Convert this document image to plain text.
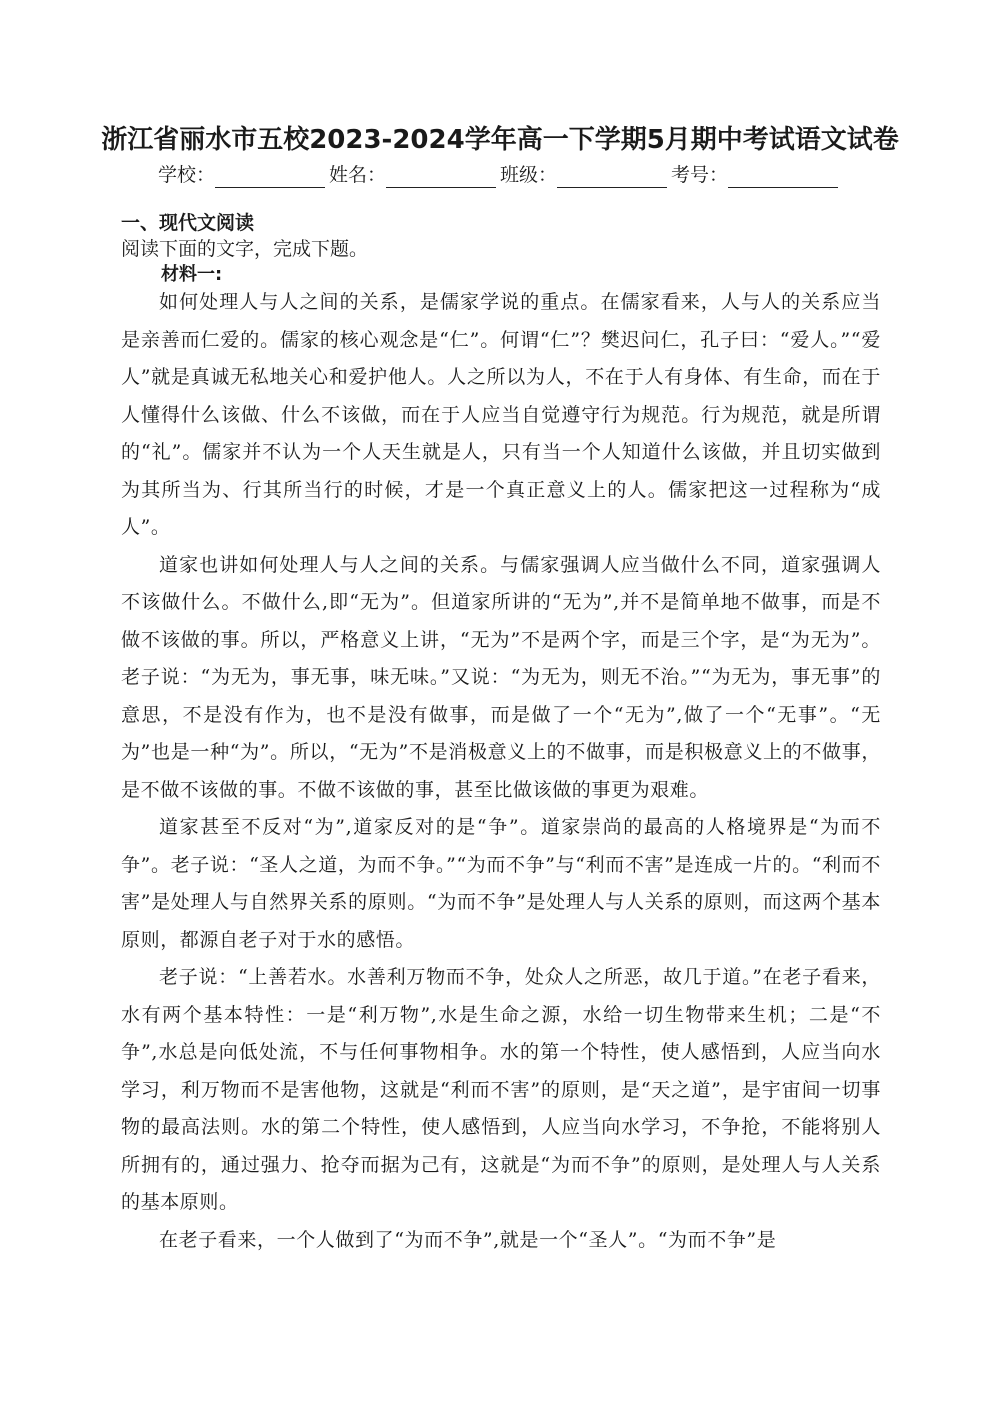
浙江省丽水市五校2023-2024学年高一下学期5月期中考试语文试卷
学校：	姓名：	班级：	考号：
一、现代文阅读
阅读下面的文字，完成下题。
材料一:

如何处理人与人之间的关系，是儒家学说的重点。在儒家看来，人与人的关系应当是亲善而仁爱的。儒家的核心观念是“仁”。何谓“仁”？樊迟问仁，孔子曰：“爱人。”“爱人”就是真诚无私地关心和爱护他人。人之所以为人，不在于人有身体、有生命，而在于人懂得什么该做、什么不该做，而在于人应当自觉遵守行为规范。行为规范，就是所谓的“礼”。儒家并不认为一个人天生就是人，只有当一个人知道什么该做，并且切实做到为其所当为、行其所当行的时候，才是一个真正意义上的人。儒家把这一过程称为“成人”。

道家也讲如何处理人与人之间的关系。与儒家强调人应当做什么不同，道家强调人不该做什么。不做什么,即“无为”。但道家所讲的“无为”,并不是简单地不做事，而是不做不该做的事。所以，严格意义上讲，“无为”不是两个字，而是三个字，是“为无为”。老子说：“为无为，事无事，味无味。”又说：“为无为，则无不治。”“为无为，事无事”的意思，不是没有作为，也不是没有做事，而是做了一个“无为”,做了一个“无事”。“无为”也是一种“为”。所以，“无为”不是消极意义上的不做事，而是积极意义上的不做事，是不做不该做的事。不做不该做的事，甚至比做该做的事更为艰难。

道家甚至不反对“为”,道家反对的是“争”。道家崇尚的最高的人格境界是“为而不争”。老子说：“圣人之道，为而不争。”“为而不争”与“利而不害”是连成一片的。“利而不害”是处理人与自然界关系的原则。“为而不争”是处理人与人关系的原则，而这两个基本原则，都源自老子对于水的感悟。

老子说：“上善若水。水善利万物而不争，处众人之所恶，故几于道。”在老子看来，水有两个基本特性：一是“利万物”,水是生命之源，水给一切生物带来生机；二是“不争”,水总是向低处流，不与任何事物相争。水的第一个特性，使人感悟到，人应当向水学习，利万物而不是害他物，这就是“利而不害”的原则，是“天之道”，是宇宙间一切事物的最高法则。水的第二个特性，使人感悟到，人应当向水学习，不争抢，不能将别人所拥有的，通过强力、抢夺而据为己有，这就是“为而不争”的原则，是处理人与人关系的基本原则。

在老子看来，一个人做到了“为而不争”,就是一个“圣人”。“为而不争”是
